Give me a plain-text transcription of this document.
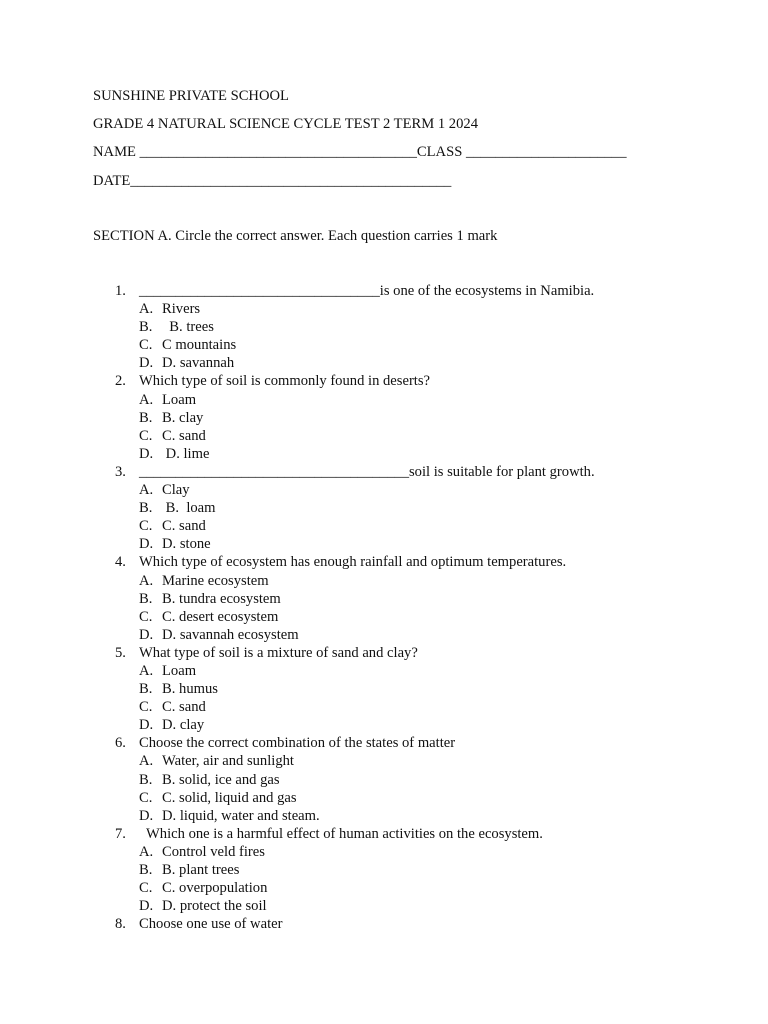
SUNSHINE PRIVATE SCHOOL
GRADE 4 NATURAL SCIENCE CYCLE TEST 2 TERM 1 2024
NAME ______________________________________CLASS ______________________
DATE____________________________________________
SECTION A. Circle the correct answer. Each question carries 1 mark
1. _________________________________is one of the ecosystems in Namibia.
A. Rivers
B. B. trees
C. C mountains
D. D. savannah
2. Which type of soil is commonly found in deserts?
A. Loam
B. B. clay
C. C. sand
D. D. lime
3. _____________________________________soil is suitable for plant growth.
A. Clay
B. B.  loam
C. C. sand
D. D. stone
4. Which type of ecosystem has enough rainfall and optimum temperatures.
A. Marine ecosystem
B. B. tundra ecosystem
C. C. desert ecosystem
D. D. savannah ecosystem
5. What type of soil is a mixture of sand and clay?
A. Loam
B. B. humus
C. C. sand
D. D. clay
6. Choose the correct combination of the states of matter
A. Water, air and sunlight
B. B. solid, ice and gas
C. C. solid, liquid and gas
D. D. liquid, water and steam.
7. Which one is a harmful effect of human activities on the ecosystem.
A. Control veld fires
B. B. plant trees
C. C. overpopulation
D. D. protect the soil
8. Choose one use of water
